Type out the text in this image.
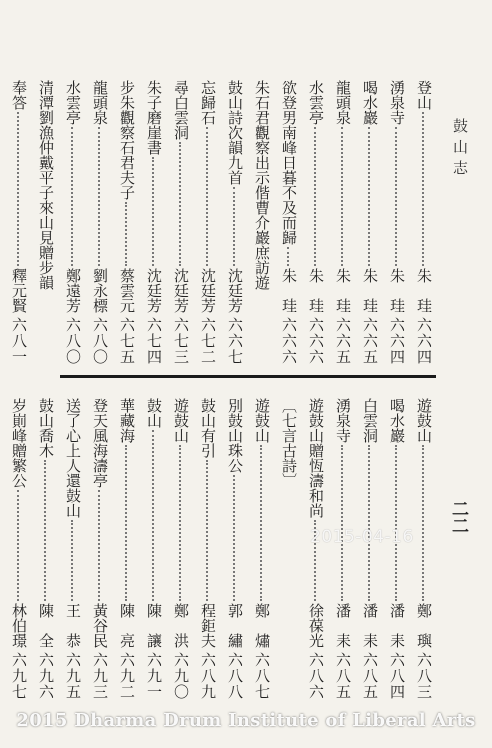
鼓山志
二二
登山
朱　珪
六六四
湧泉寺
朱　珪
六六四
喝水巖
朱　珪
六六五
龍頭泉
朱　珪
六六五
水雲亭
朱　珪
六六六
欲登男南峰日暮不及而歸
朱　珪
六六六
朱石君觀察出示偕曹介巖庶訪遊
鼓山詩次韻九首
沈廷芳
六六七
忘歸石
沈廷芳
六七二
尋白雲洞
沈廷芳
六七三
朱子磨崖書
沈廷芳
六七四
步朱觀察石君夫子
蔡雲元
六七五
龍頭泉
劉永標
六八〇
水雲亭
鄭遠芳
六八〇
清潭劉漁仲戴平子來山見贈步韻
奉答
釋元賢
六八一
遊鼓山
鄭　璵
六八三
喝水巖
潘　耒
六八四
白雲洞
潘　耒
六八五
湧泉寺
潘　耒
六八五
遊鼓山贈恆濤和尚
徐葆光
六八六
〔七言古詩〕
遊鼓山
鄭　熽
六八七
別鼓山珠公
郭　繡
六八八
鼓山有引
程鉅夫
六八九
遊鼓山
鄭　洪
六九〇
鼓山
陳　讓
六九一
華藏海
陳　亮
六九二
登天風海濤亭
黃谷民
六九三
送了心上人還鼓山
王　恭
六九五
鼓山喬木
陳　全
六九六
岁崱峰贈繁公
林伯璟
六九七
2015-04-16
2015 Dharma Drum Institute of Liberal Arts
